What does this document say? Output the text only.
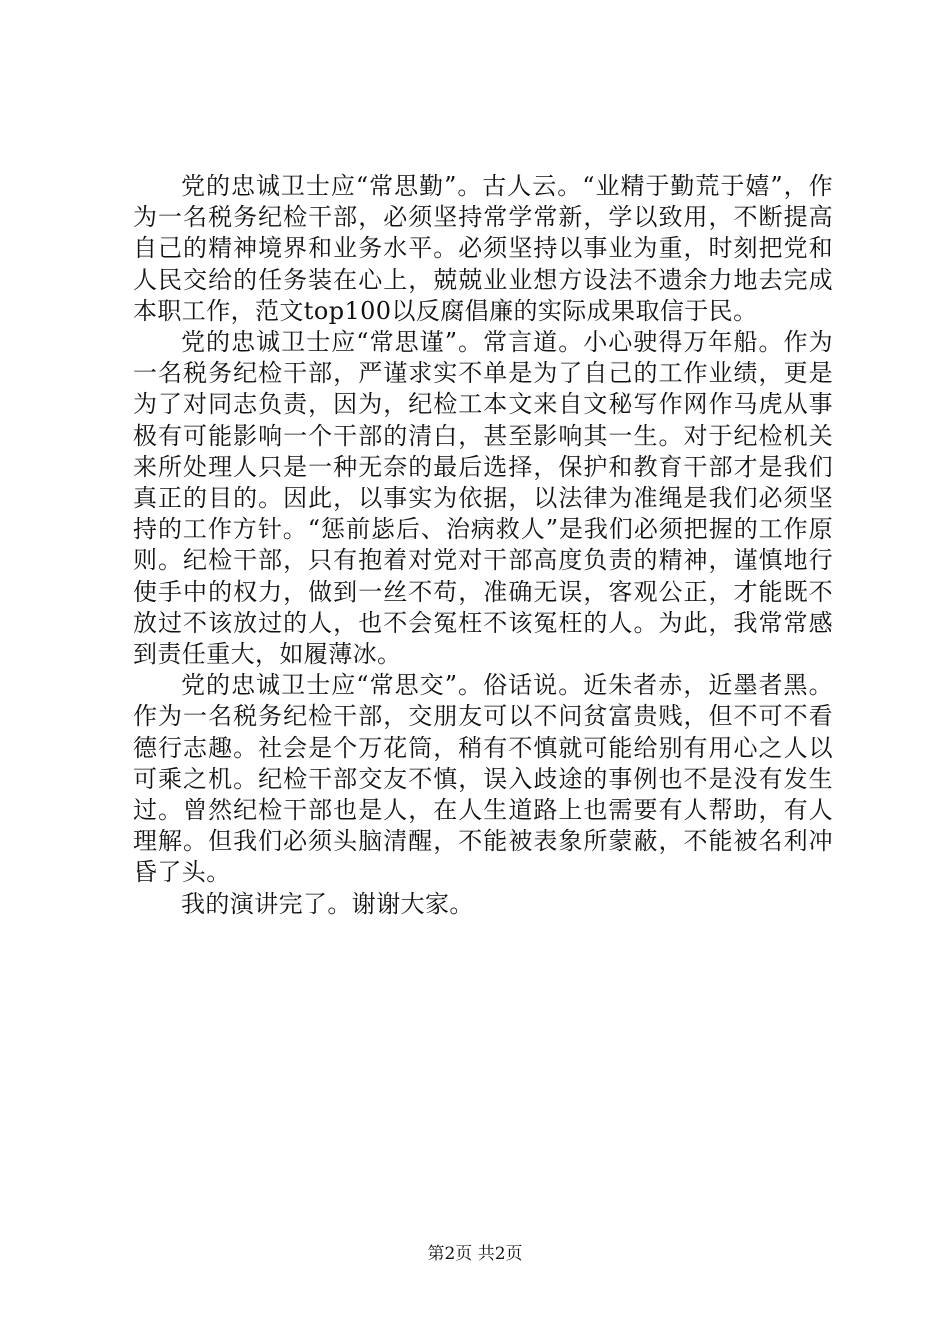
党的忠诚卫士应“常思勤”。古人云。“业精于勤荒于嬉”，作为一名税务纪检干部，必须坚持常学常新，学以致用，不断提高自己的精神境界和业务水平。必须坚持以事业为重，时刻把党和人民交给的任务装在心上，兢兢业业想方设法不遗余力地去完成本职工作，范文top100以反腐倡廉的实际成果取信于民。

党的忠诚卫士应“常思谨”。常言道。小心驶得万年船。作为一名税务纪检干部，严谨求实不单是为了自己的工作业绩，更是为了对同志负责，因为，纪检工本文来自文秘写作网作马虎从事极有可能影响一个干部的清白，甚至影响其一生。对于纪检机关来所处理人只是一种无奈的最后选择，保护和教育干部才是我们真正的目的。因此，以事实为依据，以法律为准绳是我们必须坚持的工作方针。“惩前毖后、治病救人”是我们必须把握的工作原则。纪检干部，只有抱着对党对干部高度负责的精神，谨慎地行使手中的权力，做到一丝不苟，准确无误，客观公正，才能既不放过不该放过的人，也不会冤枉不该冤枉的人。为此，我常常感到责任重大，如履薄冰。

党的忠诚卫士应“常思交”。俗话说。近朱者赤，近墨者黑。作为一名税务纪检干部，交朋友可以不问贫富贵贱，但不可不看德行志趣。社会是个万花筒，稍有不慎就可能给别有用心之人以可乘之机。纪检干部交友不慎，误入歧途的事例也不是没有发生过。曾然纪检干部也是人，在人生道路上也需要有人帮助，有人理解。但我们必须头脑清醒，不能被表象所蒙蔽，不能被名利冲昏了头。

我的演讲完了。谢谢大家。

第2页 共2页
